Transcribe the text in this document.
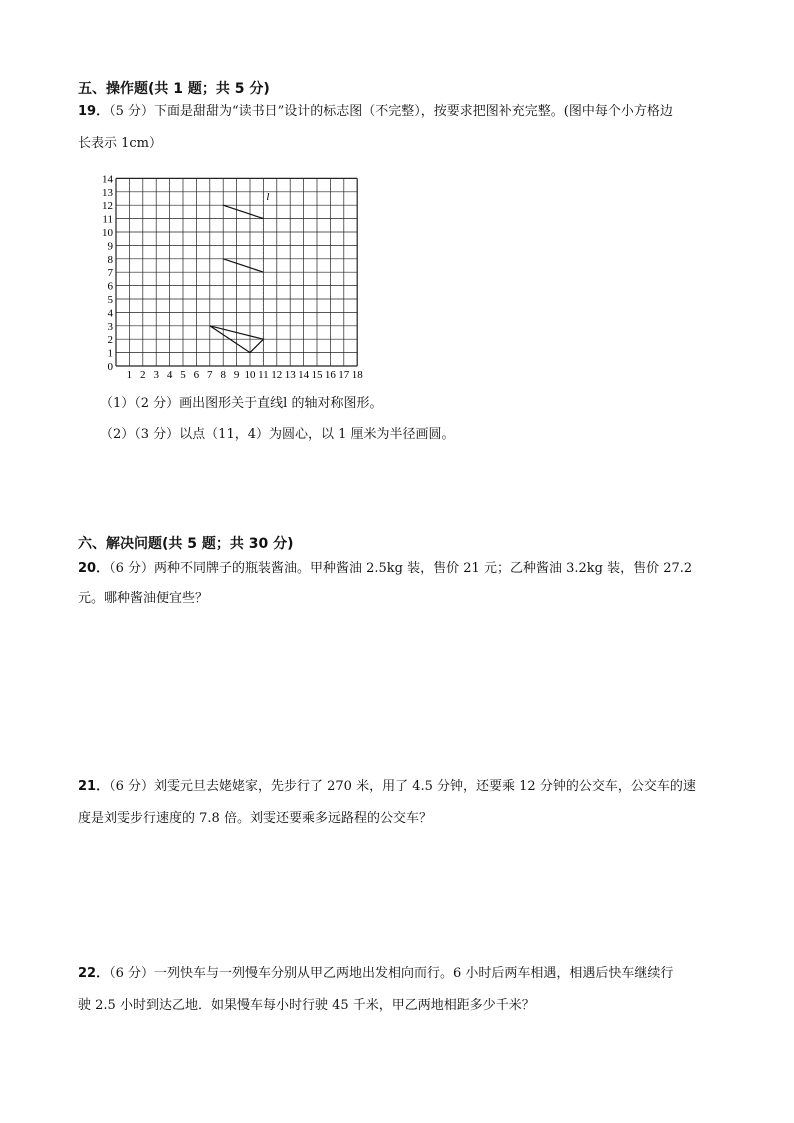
五、操作题(共 1 题；共 5 分)
19．（5 分）下面是甜甜为“读书日”设计的标志图（不完整），按要求把图补充完整。(图中每个小方格边
长表示 1cm）
0
1
2
3
4
5
6
7
8
9
10
11
12
13
14
1 2 3 4 5 6 7 8 9 10 11 12 13 14 15 16 17 18
l
（1）（2 分）画出图形关于直线l 的轴对称图形。
（2）（3 分）以点（11，4）为圆心，以 1 厘米为半径画圆。
六、解决问题(共 5 题；共 30 分)
20．（6 分）两种不同牌子的瓶装酱油。甲种酱油 2.5kg 装，售价 21 元；乙种酱油 3.2kg 装，售价 27.2
元。哪种酱油便宜些？
21．（6 分）刘雯元旦去姥姥家，先步行了 270 米，用了 4.5 分钟，还要乘 12 分钟的公交车，公交车的速
度是刘雯步行速度的 7.8 倍。刘雯还要乘多远路程的公交车？
22．（6 分）一列快车与一列慢车分别从甲乙两地出发相向而行。6 小时后两车相遇，相遇后快车继续行
驶 2.5 小时到达乙地．如果慢车每小时行驶 45 千米，甲乙两地相距多少千米？
